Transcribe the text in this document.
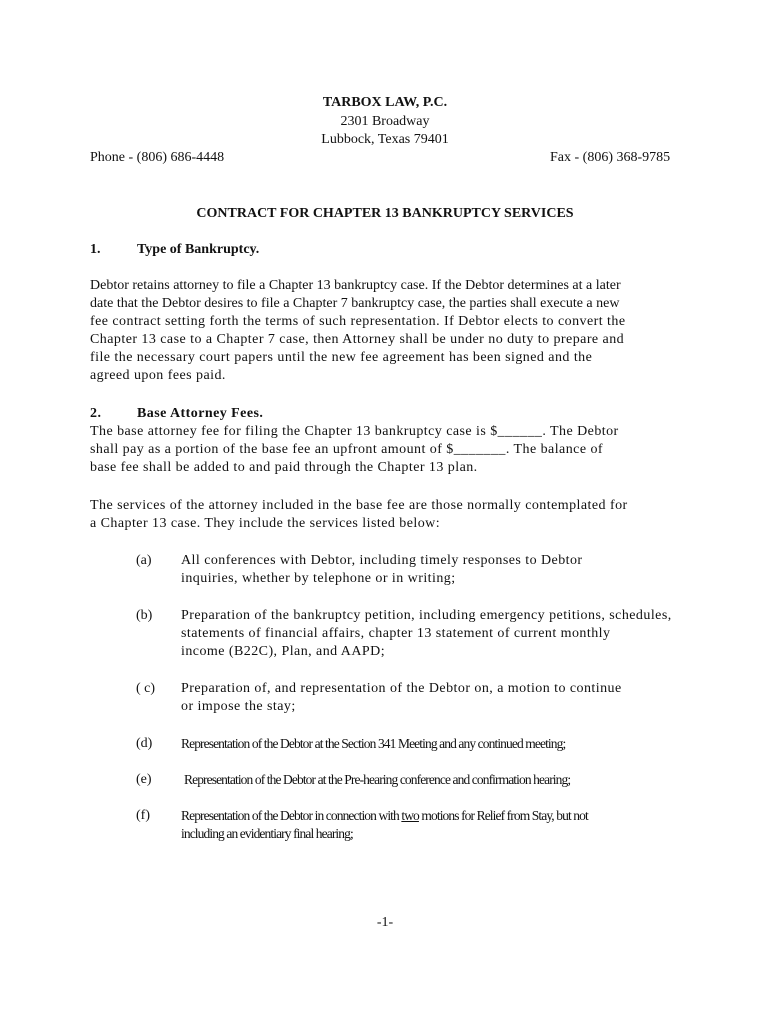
TARBOX LAW, P.C.
2301 Broadway
Lubbock, Texas 79401
Phone - (806) 686-4448	Fax - (806) 368-9785
CONTRACT FOR CHAPTER 13 BANKRUPTCY SERVICES
1.	Type of Bankruptcy.
Debtor retains attorney to file a Chapter 13 bankruptcy case. If the Debtor determines at a later
date that the Debtor desires to file a Chapter 7 bankruptcy case, the parties shall execute a new
fee contract setting forth the terms of such representation. If Debtor elects to convert the
Chapter 13 case to a Chapter 7 case, then Attorney shall be under no duty to prepare and
file the necessary court papers until the new fee agreement has been signed and the
agreed upon fees paid.
2.	Base Attorney Fees.
The base attorney fee for filing the Chapter 13 bankruptcy case is $______. The Debtor
shall pay as a portion of the base fee an upfront amount of $_______. The balance of
base fee shall be added to and paid through the Chapter 13 plan.
The services of the attorney included in the base fee are those normally contemplated for
a Chapter 13 case. They include the services listed below:
(a) All conferences with Debtor, including timely responses to Debtor
inquiries, whether by telephone or in writing;
(b) Preparation of the bankruptcy petition, including emergency petitions, schedules,
statements of financial affairs, chapter 13 statement of current monthly
income (B22C), Plan, and AAPD;
( c) Preparation of, and representation of the Debtor on, a motion to continue
or impose the stay;
(d) Representation of the Debtor at the Section 341 Meeting and any continued meeting;
(e) Representation of the Debtor at the Pre-hearing conference and confirmation hearing;
(f) Representation of the Debtor in connection with two motions for Relief from Stay, but not
including an evidentiary final hearing;
-1-
